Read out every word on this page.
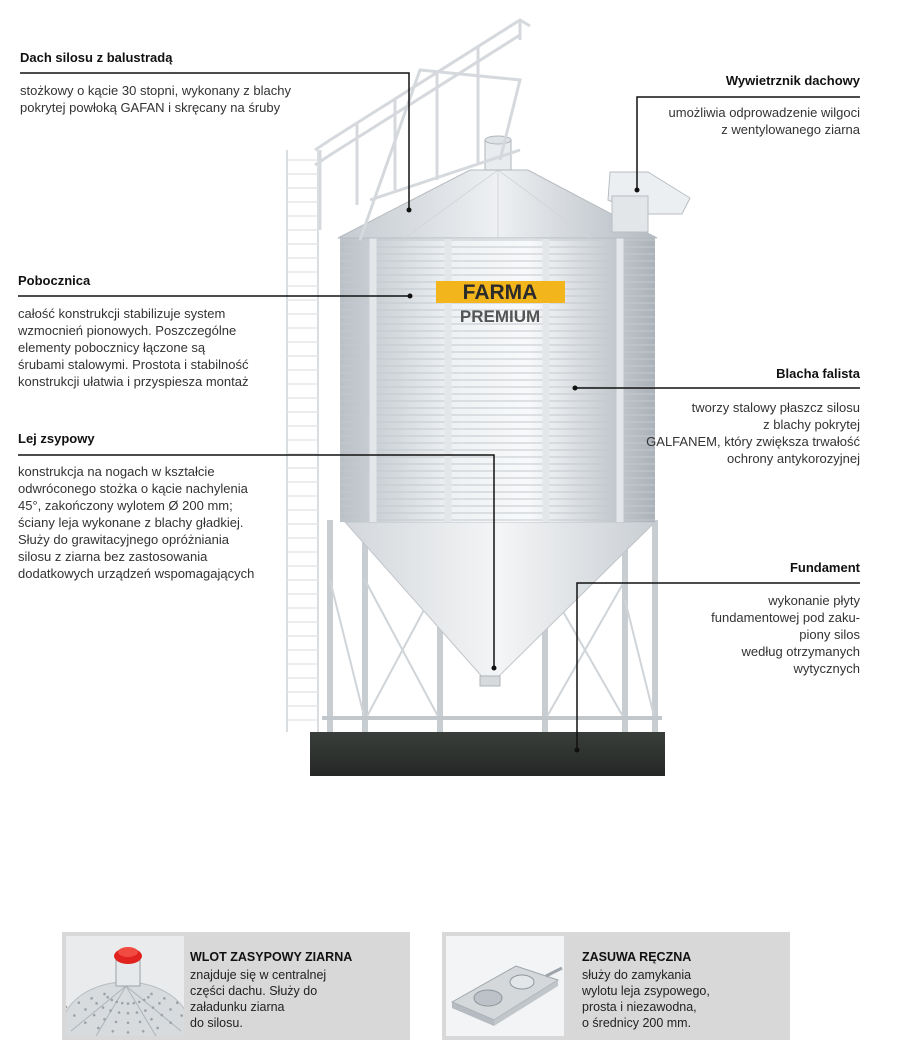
FARMA
PREMIUM
Dach silosu z balustradą
stożkowy o kącie 30 stopni, wykonany z blachy
pokrytej powłoką GAFAN i skręcany na śruby
Wywietrznik dachowy
umożliwia odprowadzenie wilgoci
z wentylowanego ziarna
Pobocznica
całość konstrukcji stabilizuje system
wzmocnień pionowych. Poszczególne
elementy pobocznicy łączone są
śrubami stalowymi. Prostota i stabilność
konstrukcji ułatwia i przyspiesza montaż
Blacha falista
tworzy stalowy płaszcz silosu
z blachy pokrytej
GALFANEM, który zwiększa trwałość
ochrony antykorozyjnej
Lej zsypowy
konstrukcja na nogach w kształcie
odwróconego stożka o kącie nachylenia
45°, zakończony wylotem Ø 200 mm;
ściany leja wykonane z blachy gładkiej.
Służy do grawitacyjnego opróżniania
silosu z ziarna bez zastosowania
dodatkowych urządzeń wspomagających	Fundament
wykonanie płyty
fundamentowej pod zaku-
piony silos
według otrzymanych
wytycznych
WLOT ZASYPOWY ZIARNA
znajduje się w centralnej
części dachu. Służy do
załadunku ziarna
do silosu.
ZASUWA RĘCZNA
służy do zamykania
wylotu leja zsypowego,
prosta i niezawodna,
o średnicy 200 mm.
